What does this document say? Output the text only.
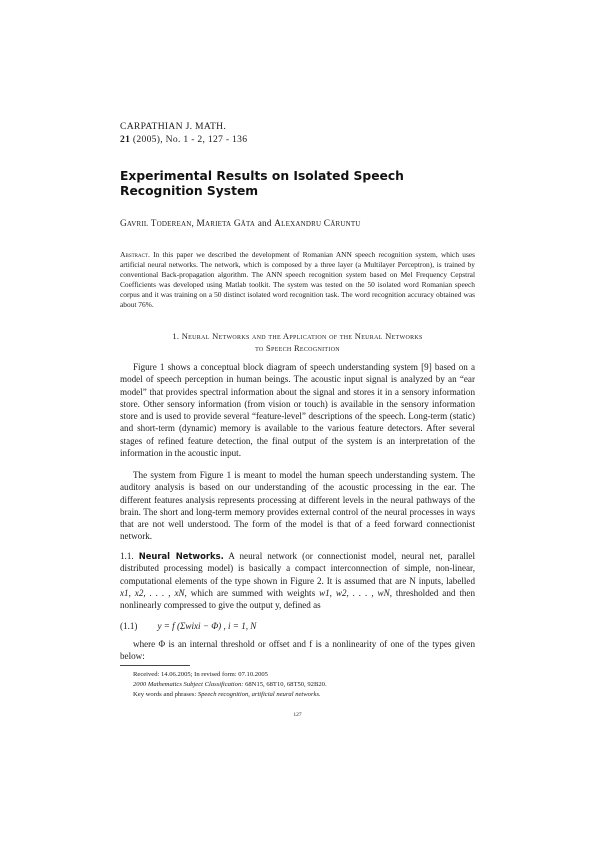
CARPATHIAN J. MATH.
21 (2005), No. 1 - 2, 127 - 136
Experimental Results on Isolated Speech Recognition System
Gavril Toderean, Marieta Găta and Alexandru Căruntu
Abstract. In this paper we described the development of Romanian ANN speech recognition system, which uses artificial neural networks. The network, which is composed by a three layer (a Multilayer Perceptron), is trained by conventional Back-propagation algorithm. The ANN speech recognition system based on Mel Frequency Cepstral Coefficients was developed using Matlab toolkit. The system was tested on the 50 isolated word Romanian speech corpus and it was training on a 50 distinct isolated word recognition task. The word recognition accuracy obtained was about 76%.
1. Neural Networks and the Application of the Neural Networks
to Speech Recognition
Figure 1 shows a conceptual block diagram of speech understanding system [9] based on a model of speech perception in human beings. The acoustic input signal is analyzed by an “ear model” that provides spectral information about the signal and stores it in a sensory information store. Other sensory information (from vision or touch) is available in the sensory information store and is used to provide several “feature-level” descriptions of the speech. Long-term (static) and short-term (dynamic) memory is available to the various feature detectors. After several stages of refined feature detection, the final output of the system is an interpretation of the information in the acoustic input.
The system from Figure 1 is meant to model the human speech understanding system. The auditory analysis is based on our understanding of the acoustic processing in the ear. The different features analysis represents processing at different levels in the neural pathways of the brain. The short and long-term memory provides external control of the neural processes in ways that are not well understood. The form of the model is that of a feed forward connectionist network.
1.1. Neural Networks. A neural network (or connectionist model, neural net, parallel distributed processing model) is basically a compact interconnection of simple, non-linear, computational elements of the type shown in Figure 2. It is assumed that are N inputs, labelled x1, x2, . . . , xN, which are summed with weights w1, w2, . . . , wN, thresholded and then nonlinearly compressed to give the output y, defined as
(1.1) y = f (Σwixi − Φ) , i = 1, N
where Φ is an internal threshold or offset and f is a nonlinearity of one of the types given below:
Received: 14.06.2005; In revised form: 07.10.2005
2000 Mathematics Subject Classification: 68N15, 68T10, 68T50, 92B20.
Key words and phrases: Speech recognition, artificial neural networks.
127
